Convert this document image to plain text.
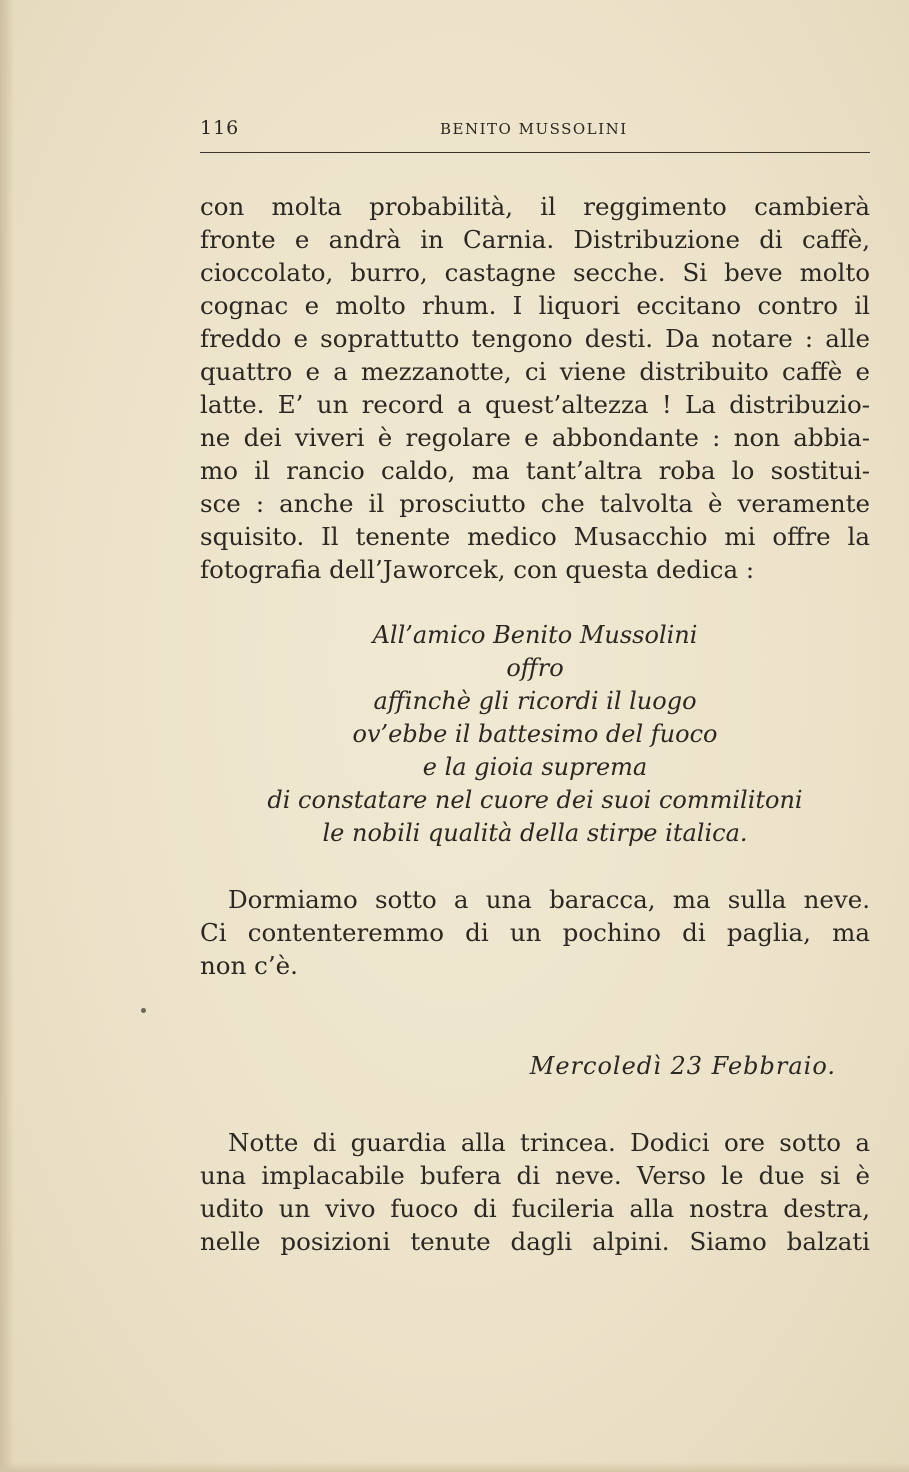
116	BENITO MUSSOLINI

con molta probabilità, il reggimento cambierà
fronte e andrà in Carnia. Distribuzione di caffè,
cioccolato, burro, castagne secche. Si beve molto
cognac e molto rhum. I liquori eccitano contro il
freddo e soprattutto tengono desti. Da notare : alle
quattro e a mezzanotte, ci viene distribuito caffè e
latte. E’ un record a quest’altezza ! La distribuzio-
ne dei viveri è regolare e abbondante : non abbia-
mo il rancio caldo, ma tant’altra roba lo sostitui-
sce : anche il prosciutto che talvolta è veramente
squisito. Il tenente medico Musacchio mi offre la
fotografia dell’Jaworcek, con questa dedica :

All’amico Benito Mussolini
offro
affinchè gli ricordi il luogo
ov’ebbe il battesimo del fuoco
e la gioia suprema
di constatare nel cuore dei suoi commilitoni
le nobili qualità della stirpe italica.

Dormiamo sotto a una baracca, ma sulla neve.
Ci contenteremmo di un pochino di paglia, ma
non c’è.

Mercoledì 23 Febbraio.

Notte di guardia alla trincea. Dodici ore sotto a
una implacabile bufera di neve. Verso le due si è
udito un vivo fuoco di fucileria alla nostra destra,
nelle posizioni tenute dagli alpini. Siamo balzati
